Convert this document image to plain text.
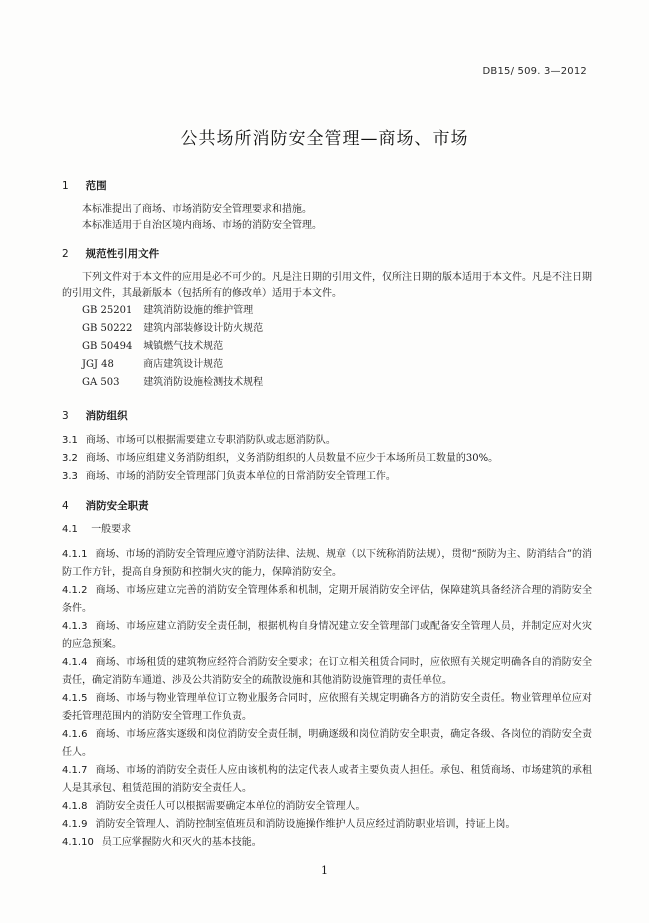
DB15/ 509. 3—2012
公共场所消防安全管理—商场、市场
1 范围

本标准提出了商场、市场消防安全管理要求和措施。

本标准适用于自治区境内商场、市场的消防安全管理。

2 规范性引用文件

下列文件对于本文件的应用是必不可少的。凡是注日期的引用文件，仅所注日期的版本适用于本文件。凡是不注日期的引用文件，其最新版本（包括所有的修改单）适用于本文件。

GB 25201 建筑消防设施的维护管理
GB 50222 建筑内部装修设计防火规范
GB 50494 城镇燃气技术规范
JGJ 48	商店建筑设计规范
GA 503 建筑消防设施检测技术规程
3 消防组织

3.1 商场、市场可以根据需要建立专职消防队或志愿消防队。

3.2 商场、市场应组建义务消防组织，义务消防组织的人员数量不应少于本场所员工数量的30%。

3.3 商场、市场的消防安全管理部门负责本单位的日常消防安全管理工作。

4 消防安全职责
4.1 一般要求

4.1.1 商场、市场的消防安全管理应遵守消防法律、法规、规章（以下统称消防法规），贯彻“预防为主、防消结合”的消防工作方针，提高自身预防和控制火灾的能力，保障消防安全。

4.1.2 商场、市场应建立完善的消防安全管理体系和机制，定期开展消防安全评估，保障建筑具备经济合理的消防安全条件。

4.1.3 商场、市场应建立消防安全责任制，根据机构自身情况建立安全管理部门或配备安全管理人员，并制定应对火灾的应急预案。

4.1.4 商场、市场租赁的建筑物应经符合消防安全要求；在订立相关租赁合同时，应依照有关规定明确各自的消防安全责任，确定消防车通道、涉及公共消防安全的疏散设施和其他消防设施管理的责任单位。

4.1.5 商场、市场与物业管理单位订立物业服务合同时，应依照有关规定明确各方的消防安全责任。物业管理单位应对委托管理范围内的消防安全管理工作负责。

4.1.6 商场、市场应落实逐级和岗位消防安全责任制，明确逐级和岗位消防安全职责，确定各级、各岗位的消防安全责任人。

4.1.7 商场、市场的消防安全责任人应由该机构的法定代表人或者主要负责人担任。承包、租赁商场、市场建筑的承租人是其承包、租赁范围的消防安全责任人。

4.1.8 消防安全责任人可以根据需要确定本单位的消防安全管理人。

4.1.9 消防安全管理人、消防控制室值班员和消防设施操作维护人员应经过消防职业培训，持证上岗。

4.1.10 员工应掌握防火和灭火的基本技能。

1
